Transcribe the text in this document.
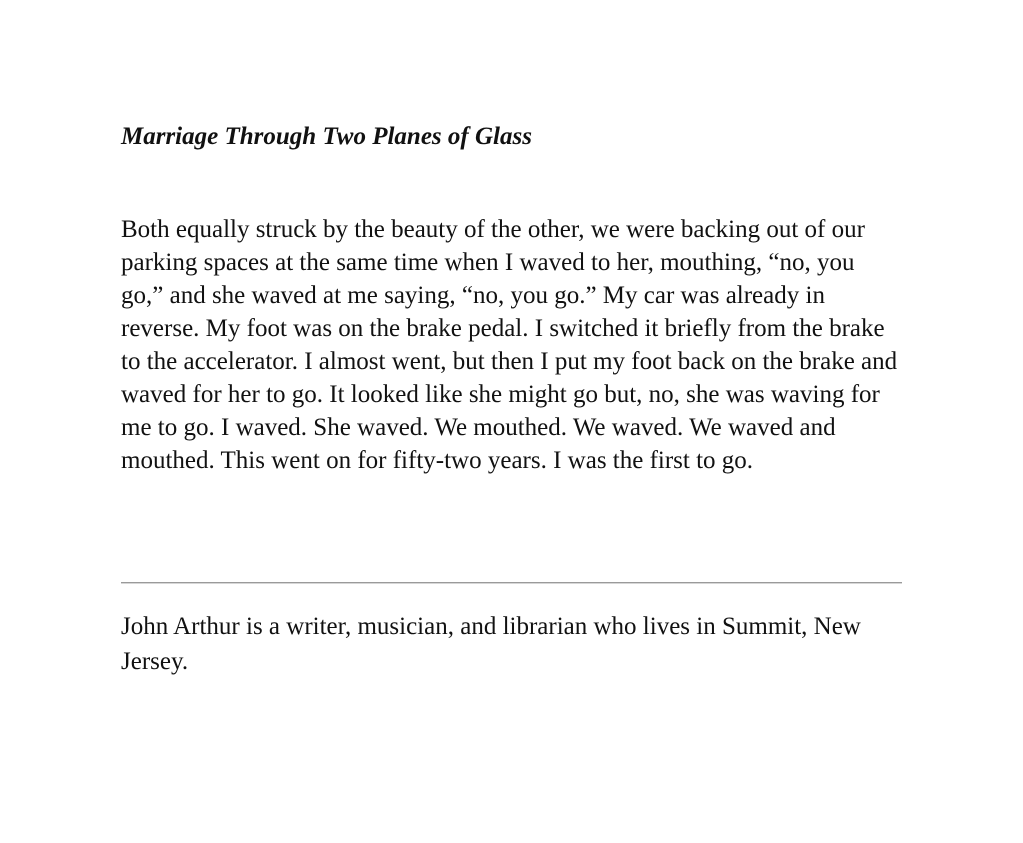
Marriage Through Two Planes of Glass

Both equally struck by the beauty of the other, we were backing out of our parking spaces at the same time when I waved to her, mouthing, “no, you go,” and she waved at me saying, “no, you go.” My car was already in reverse. My foot was on the brake pedal. I switched it briefly from the brake to the accelerator. I almost went, but then I put my foot back on the brake and waved for her to go. It looked like she might go but, no, she was waving for me to go. I waved. She waved. We mouthed. We waved. We waved and mouthed. This went on for fifty-two years. I was the first to go.

John Arthur is a writer, musician, and librarian who lives in Summit, New Jersey.
